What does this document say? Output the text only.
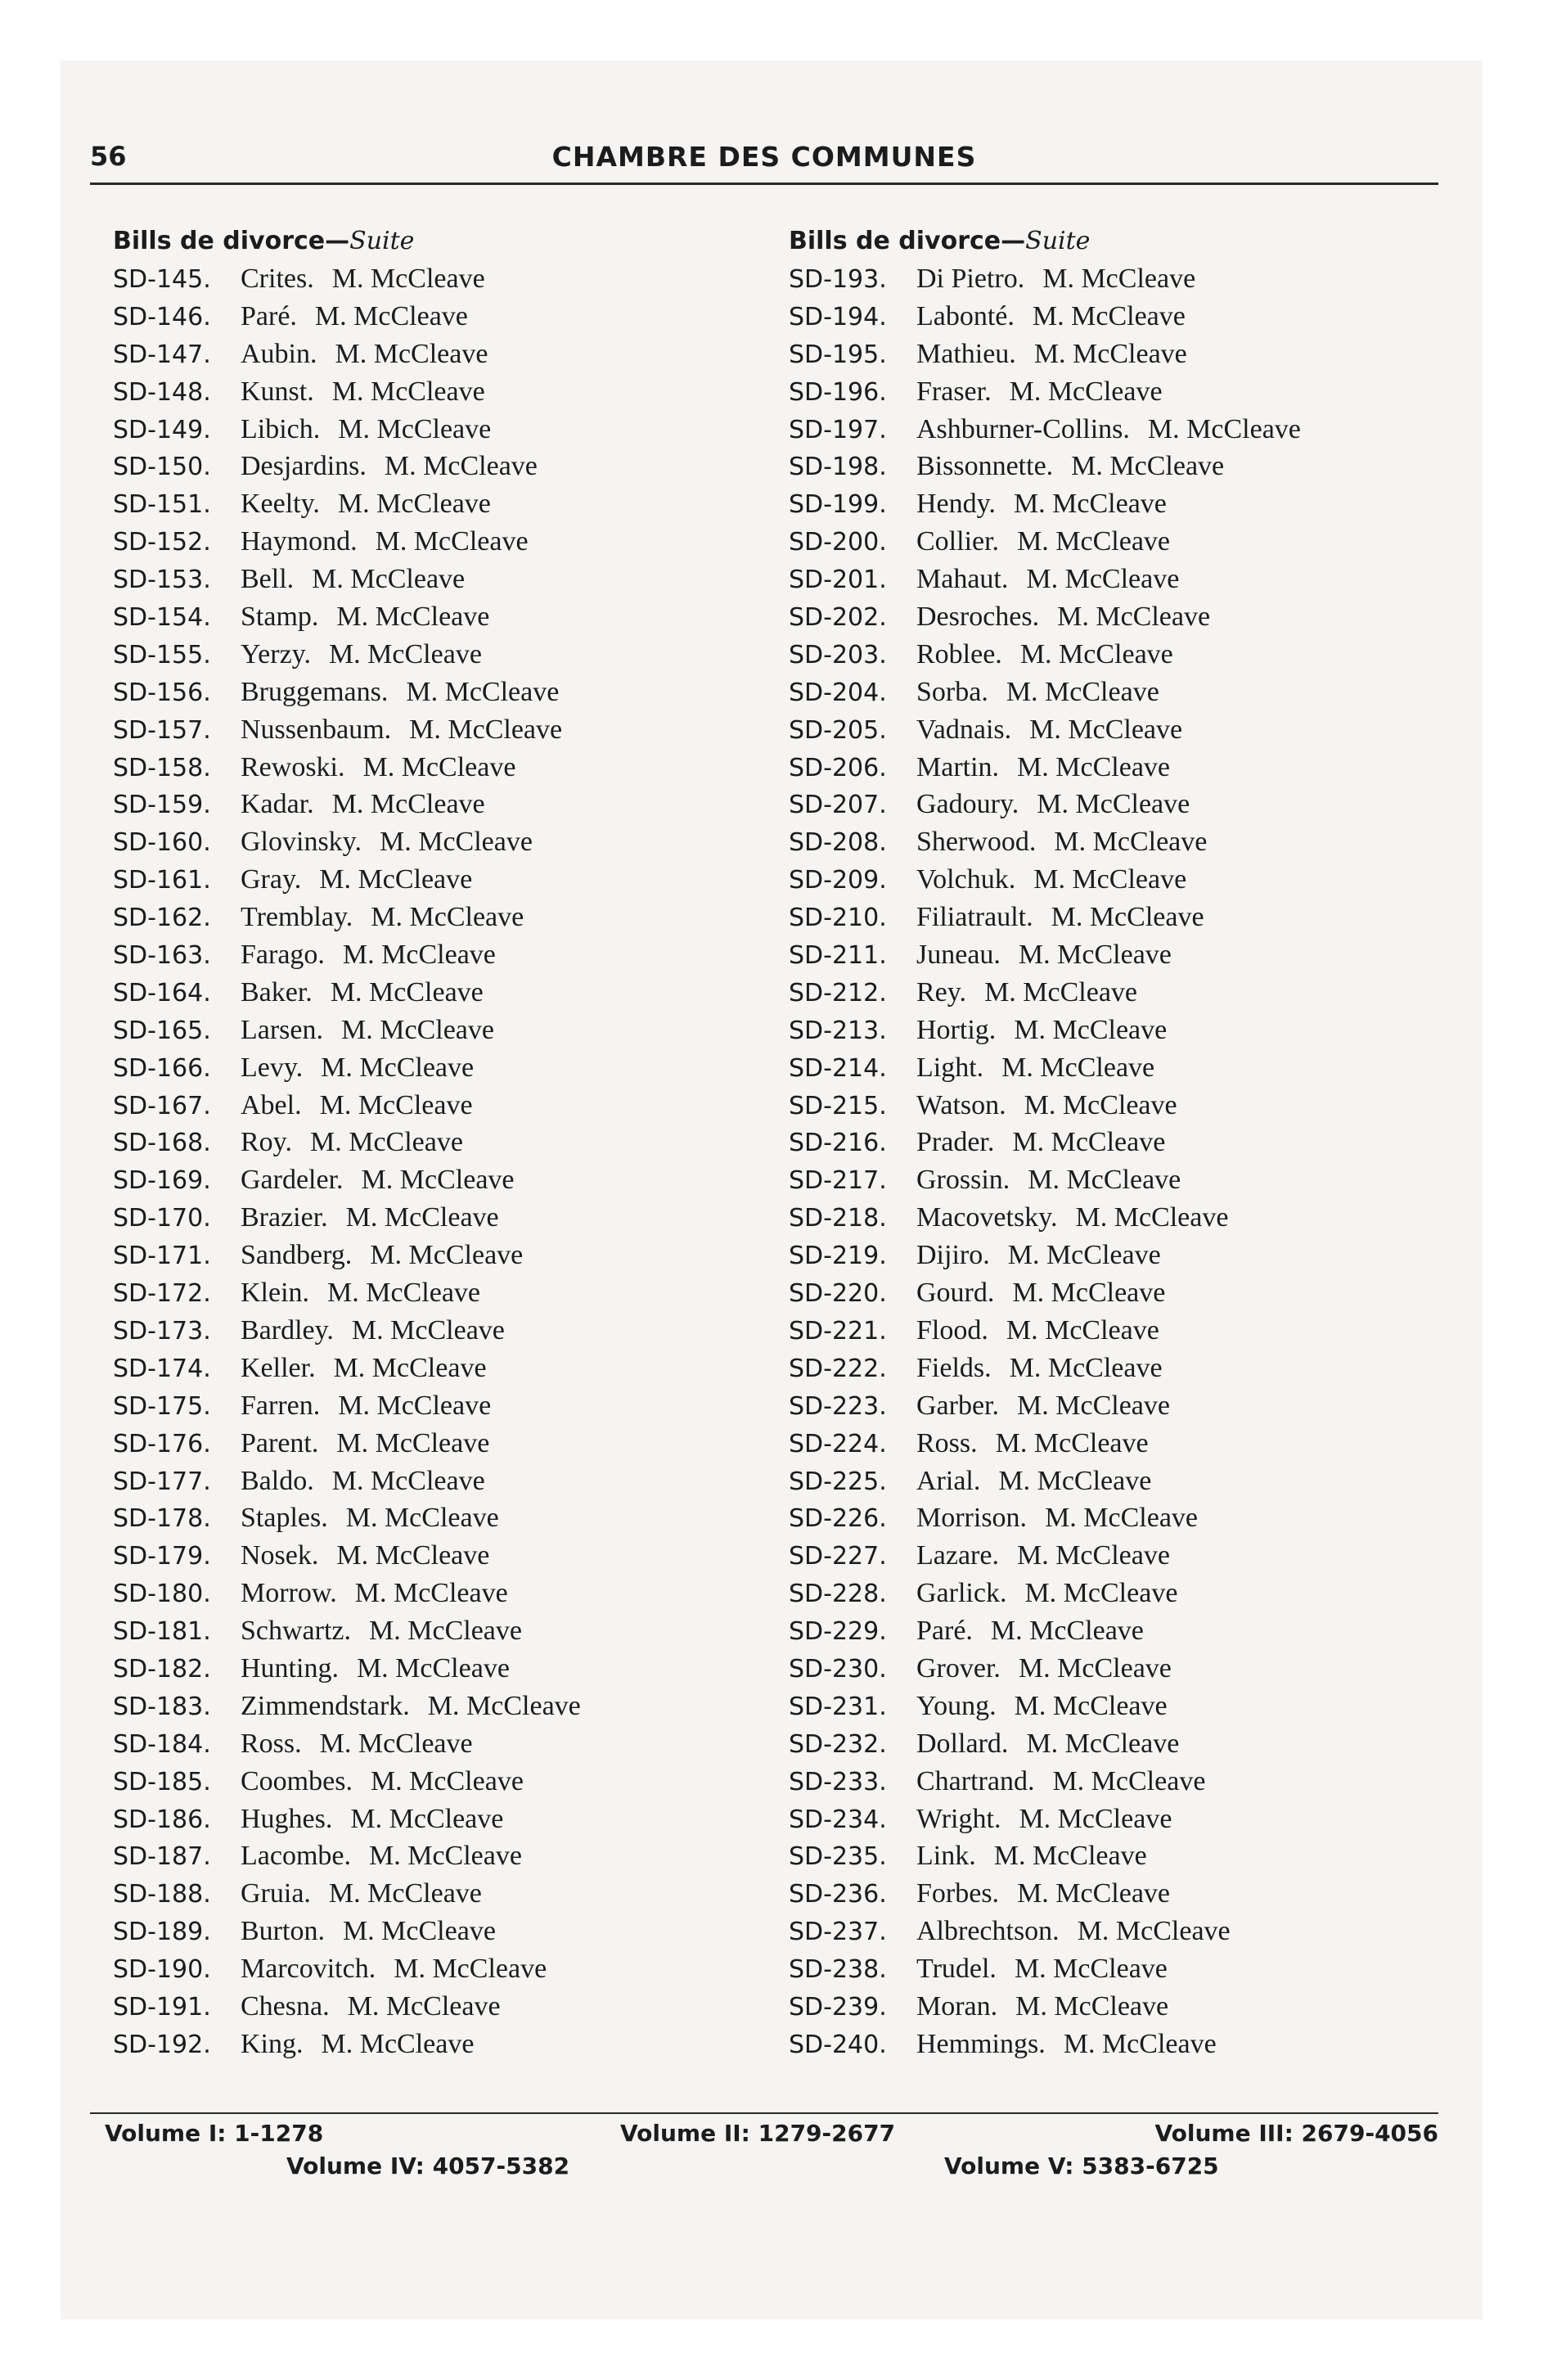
56	CHAMBRE DES COMMUNES
Bills de divorce—Suite
SD-145. Crites. M. McCleave
SD-146. Paré. M. McCleave
SD-147. Aubin. M. McCleave
SD-148. Kunst. M. McCleave
SD-149. Libich. M. McCleave
SD-150. Desjardins. M. McCleave
SD-151. Keelty. M. McCleave
SD-152. Haymond. M. McCleave
SD-153. Bell. M. McCleave
SD-154. Stamp. M. McCleave
SD-155. Yerzy. M. McCleave
SD-156. Bruggemans. M. McCleave
SD-157. Nussenbaum. M. McCleave
SD-158. Rewoski. M. McCleave
SD-159. Kadar. M. McCleave
SD-160. Glovinsky. M. McCleave
SD-161. Gray. M. McCleave
SD-162. Tremblay. M. McCleave
SD-163. Farago. M. McCleave
SD-164. Baker. M. McCleave
SD-165. Larsen. M. McCleave
SD-166. Levy. M. McCleave
SD-167. Abel. M. McCleave
SD-168. Roy. M. McCleave
SD-169. Gardeler. M. McCleave
SD-170. Brazier. M. McCleave
SD-171. Sandberg. M. McCleave
SD-172. Klein. M. McCleave
SD-173. Bardley. M. McCleave
SD-174. Keller. M. McCleave
SD-175. Farren. M. McCleave
SD-176. Parent. M. McCleave
SD-177. Baldo. M. McCleave
SD-178. Staples. M. McCleave
SD-179. Nosek. M. McCleave
SD-180. Morrow. M. McCleave
SD-181. Schwartz. M. McCleave
SD-182. Hunting. M. McCleave
SD-183. Zimmendstark. M. McCleave
SD-184. Ross. M. McCleave
SD-185. Coombes. M. McCleave
SD-186. Hughes. M. McCleave
SD-187. Lacombe. M. McCleave
SD-188. Gruia. M. McCleave
SD-189. Burton. M. McCleave
SD-190. Marcovitch. M. McCleave
SD-191. Chesna. M. McCleave
SD-192. King. M. McCleave
Bills de divorce—Suite
SD-193. Di Pietro. M. McCleave
SD-194. Labonté. M. McCleave
SD-195. Mathieu. M. McCleave
SD-196. Fraser. M. McCleave
SD-197. Ashburner-Collins. M. McCleave
SD-198. Bissonnette. M. McCleave
SD-199. Hendy. M. McCleave
SD-200. Collier. M. McCleave
SD-201. Mahaut. M. McCleave
SD-202. Desroches. M. McCleave
SD-203. Roblee. M. McCleave
SD-204. Sorba. M. McCleave
SD-205. Vadnais. M. McCleave
SD-206. Martin. M. McCleave
SD-207. Gadoury. M. McCleave
SD-208. Sherwood. M. McCleave
SD-209. Volchuk. M. McCleave
SD-210. Filiatrault. M. McCleave
SD-211. Juneau. M. McCleave
SD-212. Rey. M. McCleave
SD-213. Hortig. M. McCleave
SD-214. Light. M. McCleave
SD-215. Watson. M. McCleave
SD-216. Prader. M. McCleave
SD-217. Grossin. M. McCleave
SD-218. Macovetsky. M. McCleave
SD-219. Dijiro. M. McCleave
SD-220. Gourd. M. McCleave
SD-221. Flood. M. McCleave
SD-222. Fields. M. McCleave
SD-223. Garber. M. McCleave
SD-224. Ross. M. McCleave
SD-225. Arial. M. McCleave
SD-226. Morrison. M. McCleave
SD-227. Lazare. M. McCleave
SD-228. Garlick. M. McCleave
SD-229. Paré. M. McCleave
SD-230. Grover. M. McCleave
SD-231. Young. M. McCleave
SD-232. Dollard. M. McCleave
SD-233. Chartrand. M. McCleave
SD-234. Wright. M. McCleave
SD-235. Link. M. McCleave
SD-236. Forbes. M. McCleave
SD-237. Albrechtson. M. McCleave
SD-238. Trudel. M. McCleave
SD-239. Moran. M. McCleave
SD-240. Hemmings. M. McCleave
Volume I: 1-1278	Volume II: 1279-2677	Volume III: 2679-4056
Volume IV: 4057-5382	Volume V: 5383-6725
